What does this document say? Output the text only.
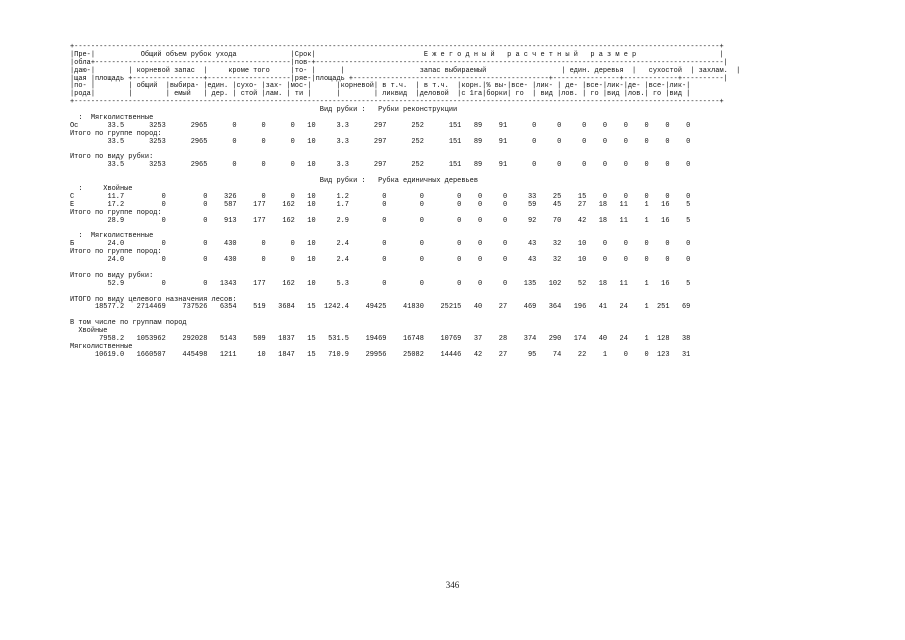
+-----------------------------------------------------------------------------------------------------------------------------------------------------------+
|Пре-|           Общий объем рубок ухода             |Срок|                          Е ж е г о д н ы й   р а с ч е т н ы й   р а з м е р                    |
|обла+-----------------------------------------------|пов-+--------------------------------------------------------------------------------------------------|
|даю-|        | корневой запас  |     кроме того     |то- |      |                  запас выбираемый                  | един. деревья  |   сухостой  | захлам.  |
|щая |площадь +-----------------+--------------------|ряе-|площадь +-----------------------------------------------+----------------+-------------+----------|
|по- |        | общий  |выбира- |един. |сухо- |зах- |мос-|      |корневой| в т.ч.  | в т.ч.  |корн.|% вы-|все- |лик- | де- |все-|лик-|де- |все-|лик-|
|рода|        |        | емый   | дер. | стой |лам. | ти |      |        | ликвид  |деловой  |с 1га|борки| го  | вид |лов. | го |вид |лов.| го |вид |
+-----------------------------------------------------------------------------------------------------------------------------------------------------------+
Вид рубки :   Рубки реконструкции
:  Мягколиственные
Ос       33.5      3253      2965      0      0      0   10     3.3      297      252      151   89    91      0     0     0    0    0    0    0    0
Итого по группе пород:
33.5      3253      2965      0      0      0   10     3.3      297      252      151   89    91      0     0     0    0    0    0    0    0
Итого по виду рубки:
33.5      3253      2965      0      0      0   10     3.3      297      252      151   89    91      0     0     0    0    0    0    0    0
Вид рубки :   Рубка единичных деревьев
:     Хвойные
С        11.7         0         0    326      0      0   10     1.2        0        0        0    0     0     33    25    15    0    0    0    0    0
Е        17.2         0         0    587    177    162   10     1.7        0        0        0    0     0     59    45    27   18   11    1   16    5
Итого по группе пород:
28.9         0         0    913    177    162   10     2.9        0        0        0    0     0     92    70    42   18   11    1   16    5
:  Мягколиственные
Б        24.0         0         0    430      0      0   10     2.4        0        0        0    0     0     43    32    10    0    0    0    0    0
Итого по группе пород:
24.0         0         0    430      0      0   10     2.4        0        0        0    0     0     43    32    10    0    0    0    0    0
Итого по виду рубки:
52.9         0         0   1343    177    162   10     5.3        0        0        0    0     0    135   102    52   18   11    1   16    5
ИТОГО по виду целевого назначения лесов:
18577.2   2714469    737526   6354    519   3684   15  1242.4    49425    41830    25215   40    27    469   364   196   41   24    1  251   69
В том числе по группам пород
Хвойные
7958.2   1053962    292028   5143    509   1837   15   531.5    19469    16748    10769   37    28    374   290   174   40   24    1  128   38
Мягколиственные
10619.0   1660507    445498   1211     10   1847   15   710.9    29956    25082    14446   42    27     95    74    22    1    0    0  123   31
346
